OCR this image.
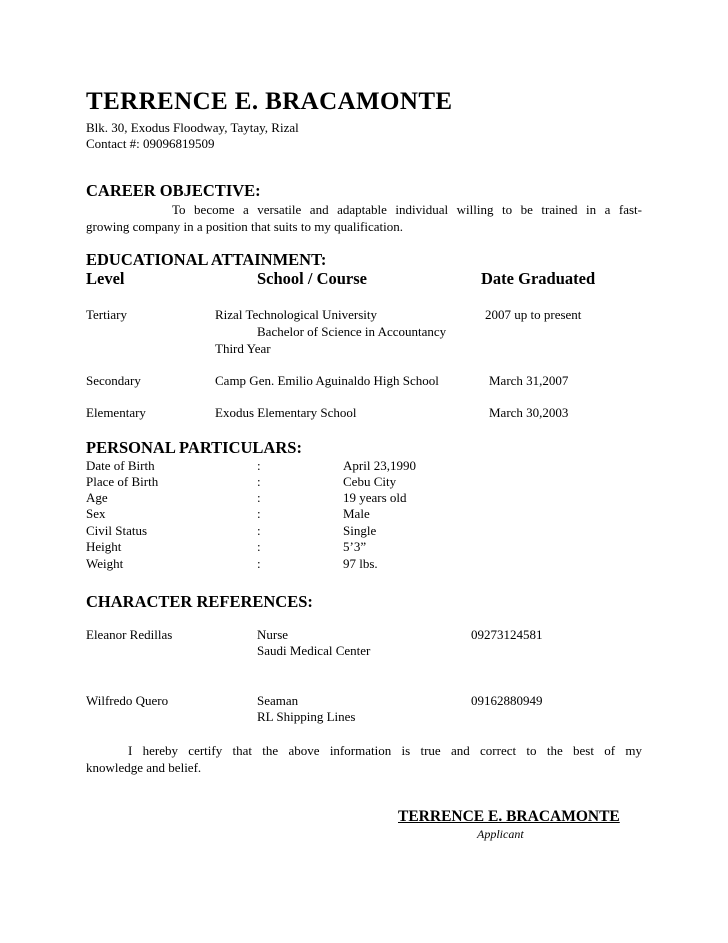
TERRENCE E. BRACAMONTE
Blk. 30, Exodus Floodway, Taytay, Rizal
Contact #: 09096819509
CAREER OBJECTIVE:
To become a versatile and adaptable individual willing to be trained in a fast-
growing company in a position that suits to my qualification.
EDUCATIONAL ATTAINMENT:
Level	School / Course	Date Graduated
Tertiary	Rizal Technological University	2007 up to present
Bachelor of Science in Accountancy
Third Year
Secondary	Camp Gen. Emilio Aguinaldo High School	March 31,2007
Elementary	Exodus Elementary School	March 30,2003
PERSONAL PARTICULARS:
Date of Birth	:	April 23,1990
Place of Birth	:	Cebu City
Age	:	19 years old
Sex	:	Male
Civil Status	:	Single
Height	:	5’3”
Weight	:	97 lbs.
CHARACTER REFERENCES:
Eleanor Redillas	Nurse	09273124581
Saudi Medical Center
Wilfredo Quero	Seaman	09162880949
RL Shipping Lines
I hereby certify that the above information is true and correct to the best of my
knowledge and belief.
TERRENCE E. BRACAMONTE
Applicant
